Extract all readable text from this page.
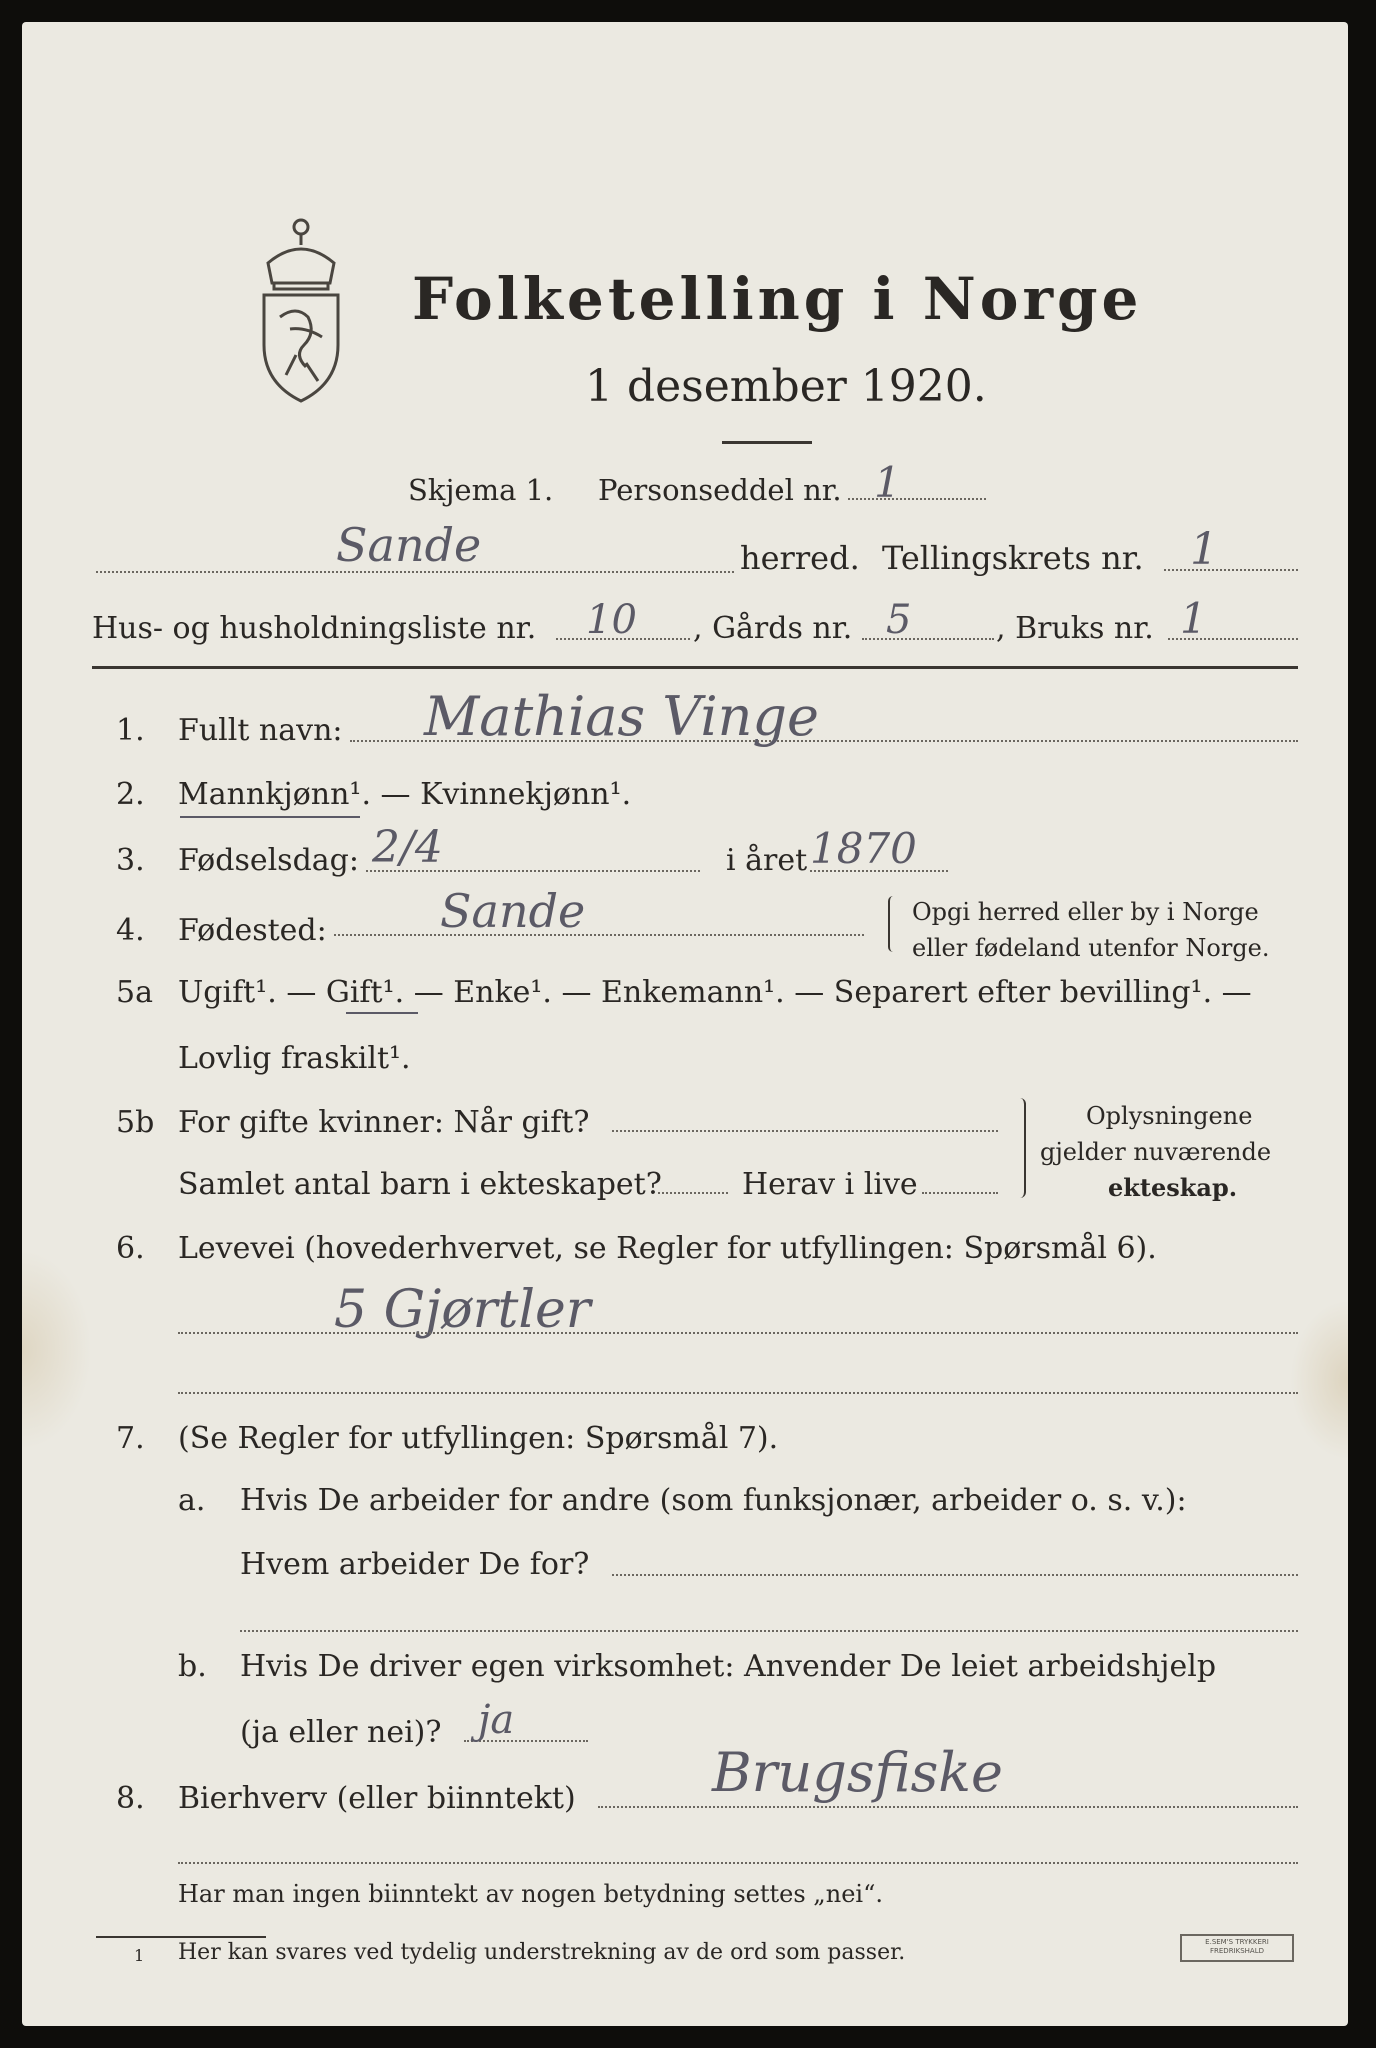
Folketelling i Norge
1 desember 1920.
Skjema 1. Personseddel nr. 1
Sande	herred. Tellingskrets nr. 1
Hus- og husholdningsliste nr. 10 , Gårds nr. 5	, Bruks nr. 1
1. Fullt navn: Mathias Vinge
2. Mannkjønn¹. — Kvinnekjønn¹.
3. Fødselsdag: 2/4	i året 1870
4. Fødested: Sande	Opgi herred eller by i Norge
eller fødeland utenfor Norge.
5a Ugift¹. — Gift¹. — Enke¹. — Enkemann¹. — Separert efter bevilling¹. —
Lovlig fraskilt¹.
5b For gifte kvinner: Når gift?
Samlet antal barn i ekteskapet?	Herav i live
Oplysningene
gjelder nuværende
ekteskap.
6. Levevei (hovederhvervet, se Regler for utfyllingen: Spørsmål 6).
5 Gjørtler
7. (Se Regler for utfyllingen: Spørsmål 7).
a. Hvis De arbeider for andre (som funksjonær, arbeider o. s. v.):
Hvem arbeider De for?
b. Hvis De driver egen virksomhet: Anvender De leiet arbeidshjelp
(ja eller nei)? ja
8. Bierhverv (eller biinntekt)	Brugsfiske
Har man ingen biinntekt av nogen betydning settes „nei“.
1 Her kan svares ved tydelig understrekning av de ord som passer.	E.SEM'S TRYKKERI FREDRIKSHALD
